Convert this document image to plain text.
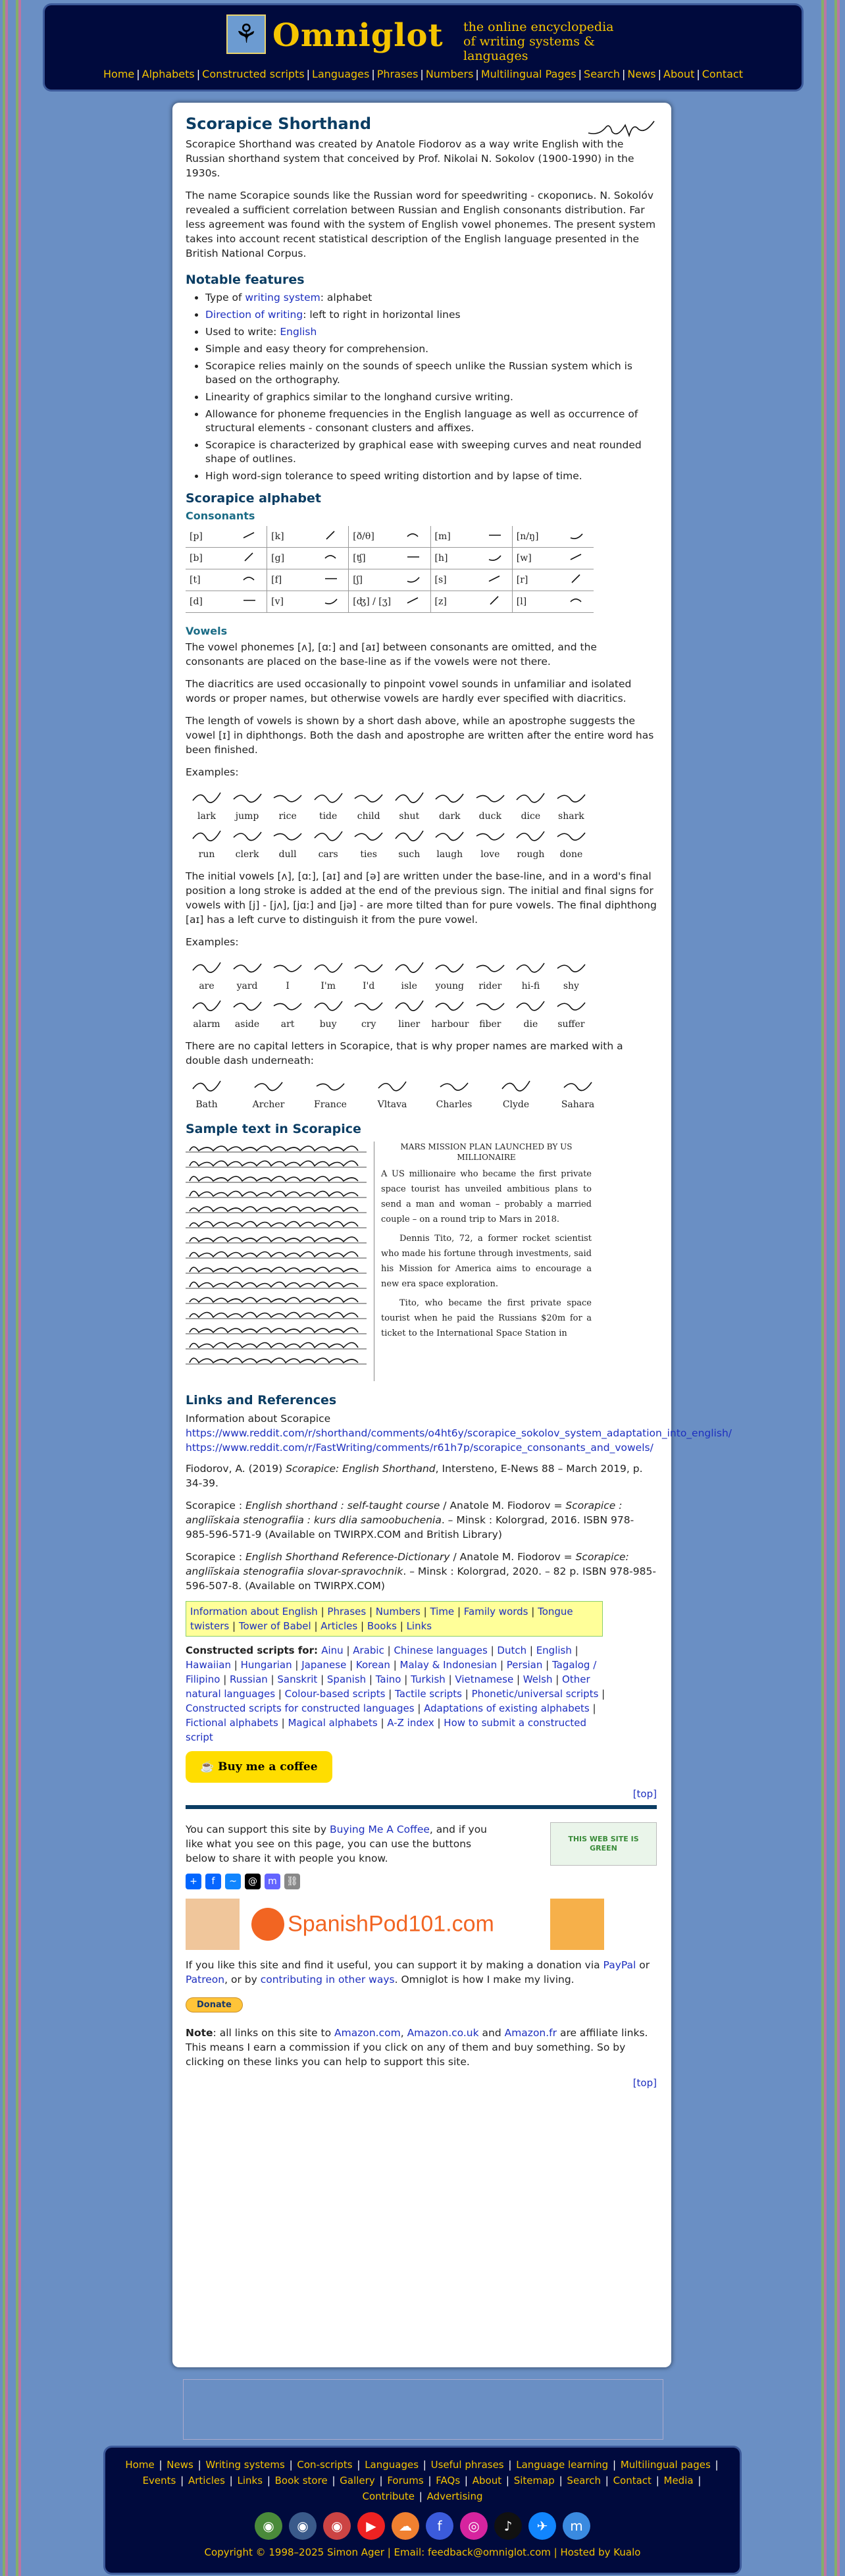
⚘ Omniglot the online encyclopedia
of writing systems & languages
Home | Alphabets | Constructed scripts | Languages | Phrases | Numbers | Multilingual Pages | Search | News | About | Contact
Scorapice Shorthand

Scorapice Shorthand was created by Anatole Fiodorov as a way write English with the Russian shorthand system that conceived by Prof. Nikolai N. Sokolov (1900-1990) in the 1930s.

The name Scorapice sounds like the Russian word for speedwriting - скоропись. N. Sokolóv revealed a sufficient correlation between Russian and English consonants distribution. Far less agreement was found with the system of English vowel phonemes. The present system takes into account recent statistical description of the English language presented in the British National Corpus.

Notable features
• Type of writing system: alphabet
• Direction of writing: left to right in horizontal lines
• Used to write: English
• Simple and easy theory for comprehension.
• Scorapice relies mainly on the sounds of speech unlike the Russian system which is based on the orthography.
• Linearity of graphics similar to the longhand cursive writing.
• Allowance for phoneme frequencies in the English language as well as occurrence of structural elements - consonant clusters and affixes.
• Scorapice is characterized by graphical ease with sweeping curves and neat rounded shape of outlines.
• High word-sign tolerance to speed writing distortion and by lapse of time.
Scorapice alphabet
Consonants
[p]		[k]		[ð/θ]		[m]		[n/ŋ]	
[b]		[g]		[ʧ]		[h]		[w]	
[t]		[f]		[ʃ]		[s]		[r]	
[d]		[v]		[ʤ] / [ʒ]		[z]		[l]	
Vowels

The vowel phonemes [ʌ], [ɑː] and [aɪ] between consonants are omitted, and the consonants are placed on the base-line as if the vowels were not there.

The diacritics are used occasionally to pinpoint vowel sounds in unfamiliar and isolated words or proper names, but otherwise vowels are hardly ever specified with diacritics.

The length of vowels is shown by a short dash above, while an apostrophe suggests the vowel [ɪ] in diphthongs. Both the dash and apostrophe are written after the entire word has been finished.

Examples:

lark	jump	rice	tide	child	shut	dark	duck	dice	shark
run	clerk	dull	cars	ties	such	laugh	love	rough	done

The initial vowels [ʌ], [ɑː], [aɪ] and [ə] are written under the base-line, and in a word's final position a long stroke is added at the end of the previous sign. The initial and final signs for vowels with [j] - [jʌ], [jɑː] and [jə] - are more tilted than for pure vowels. The final diphthong [aɪ] has a left curve to distinguish it from the pure vowel.

Examples:

are	yard	I	I'm	I'd	isle	young	rider	hi-fi	shy
alarm	aside	art	buy	cry	liner	harbour	fiber	die	suffer

There are no capital letters in Scorapice, that is why proper names are marked with a double dash underneath:

Bath	Archer	France	Vltava	Charles	Clyde	Sahara
Sample text in Scorapice
MARS MISSION PLAN LAUNCHED BY US MILLIONAIRE

A US millionaire who became the first private space tourist has unveiled ambitious plans to send a man and woman – probably a married couple – on a round trip to Mars in 2018.

Dennis Tito, 72, a former rocket scientist who made his fortune through investments, said his Mission for America aims to encourage a new era space exploration.

Tito, who became the first private space tourist when he paid the Russians $20m for a ticket to the International Space Station in

Links and References

Information about Scorapice
https://www.reddit.com/r/shorthand/comments/o4ht6y/scorapice_sokolov_system_adaptation_into_english/
https://www.reddit.com/r/FastWriting/comments/r61h7p/scorapice_consonants_and_vowels/

Fiodorov, A. (2019) Scorapice: English Shorthand, Intersteno, E-News 88 – March 2019, p. 34-39.

Scorapice : English shorthand : self-taught course / Anatole M. Fiodorov = Scorapice : angliĭskaia stenografiia : kurs dlia samoobuchenia. – Minsk : Kolorgrad, 2016. ISBN 978-985-596-571-9 (Available on TWIRPX.COM and British Library)

Scorapice : English Shorthand Reference-Dictionary / Anatole M. Fiodorov = Scorapice: angliĭskaia stenografiia slovar-spravochnik. – Minsk : Kolorgrad, 2020. – 82 p. ISBN 978-985-596-507-8. (Available on TWIRPX.COM)

Information about English | Phrases | Numbers | Time | Family words | Tongue twisters | Tower of Babel | Articles | Books | Links
Constructed scripts for: Ainu | Arabic | Chinese languages | Dutch | English | Hawaiian | Hungarian | Japanese | Korean | Malay & Indonesian | Persian | Tagalog / Filipino | Russian | Sanskrit | Spanish | Taino | Turkish | Vietnamese | Welsh | Other natural languages | Colour-based scripts | Tactile scripts | Phonetic/universal scripts | Constructed scripts for constructed languages | Adaptations of existing alphabets | Fictional alphabets | Magical alphabets | A-Z index | How to submit a constructed script
☕ Buy me a coffee
[top]
THIS WEB SITE IS GREEN

You can support this site by Buying Me A Coffee, and if you like what you see on this page, you can use the buttons below to share it with people you know.

+	f	~	@	m	⛓
SpanishPod101.com

If you like this site and find it useful, you can support it by making a donation via PayPal or Patreon, or by contributing in other ways. Omniglot is how I make my living.

Donate

Note: all links on this site to Amazon.com, Amazon.co.uk and Amazon.fr are affiliate links. This means I earn a commission if you click on any of them and buy something. So by clicking on these links you can help to support this site.

[top]
Home | News | Writing systems | Con-scripts | Languages | Useful phrases | Language learning | Multilingual pages | Events | Articles | Links | Book store | Gallery | Forums | FAQs | About | Sitemap | Search | Contact | Media | Contribute | Advertising
◉	◉	◉	▶	☁	f	◎	♪	✈	m
Copyright © 1998–2025 Simon Ager | Email: feedback@omniglot.com | Hosted by Kualo
